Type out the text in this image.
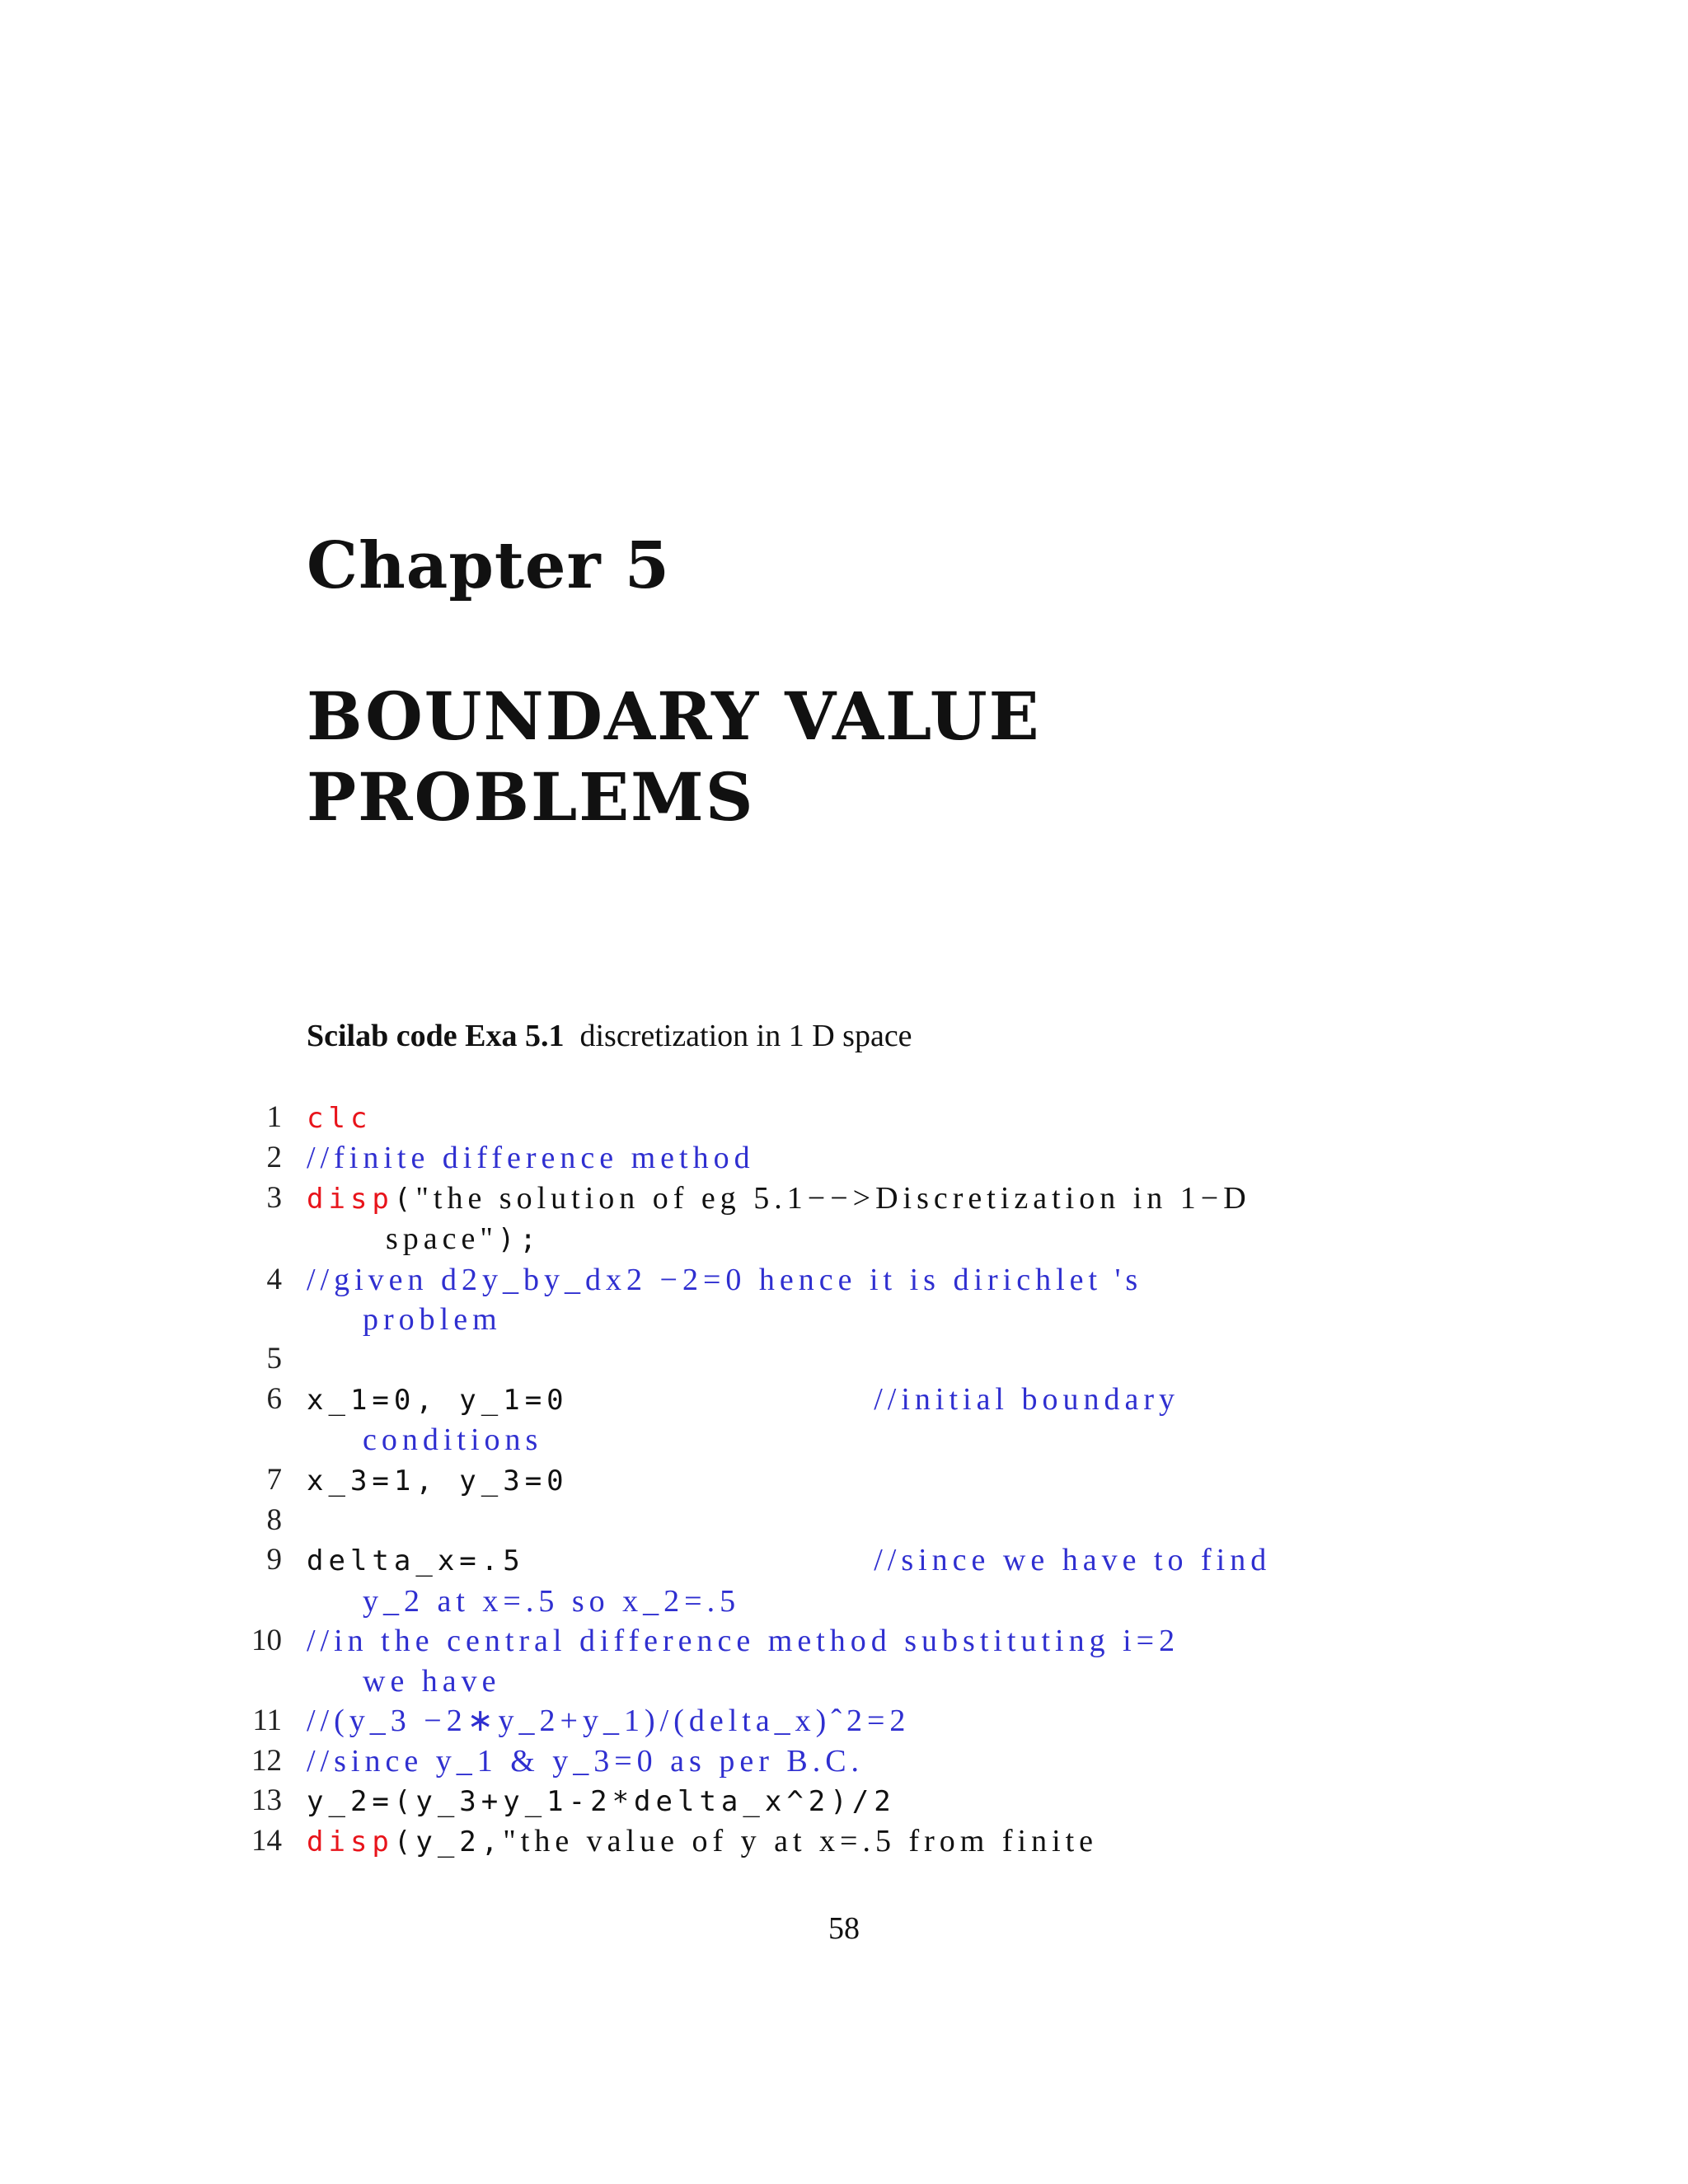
Chapter 5
BOUNDARY VALUE
PROBLEMS
Scilab code Exa 5.1 discretization in 1 D space
1 clc
2 //finite difference method
3 disp("the solution of eg 5.1−−>Discretization in 1−D
space");
4 //given d2y_by_dx2 −2=0 hence it is dirichlet 's
problem
5

6 x_1=0, y_1=0	//initial boundary
conditions
7 x_3=1, y_3=0
8

9 delta_x=.5	//since we have to find
y_2 at x=.5 so x_2=.5
10 //in the central difference method substituting i=2
we have
11 //(y_3 −2∗y_2+y_1)/(delta_x)ˆ2=2
12 //since y_1 & y_3=0 as per B.C.
13 y_2=(y_3+y_1-2*delta_x^2)/2
14 disp(y_2,"the value of y at x=.5 from finite
58
